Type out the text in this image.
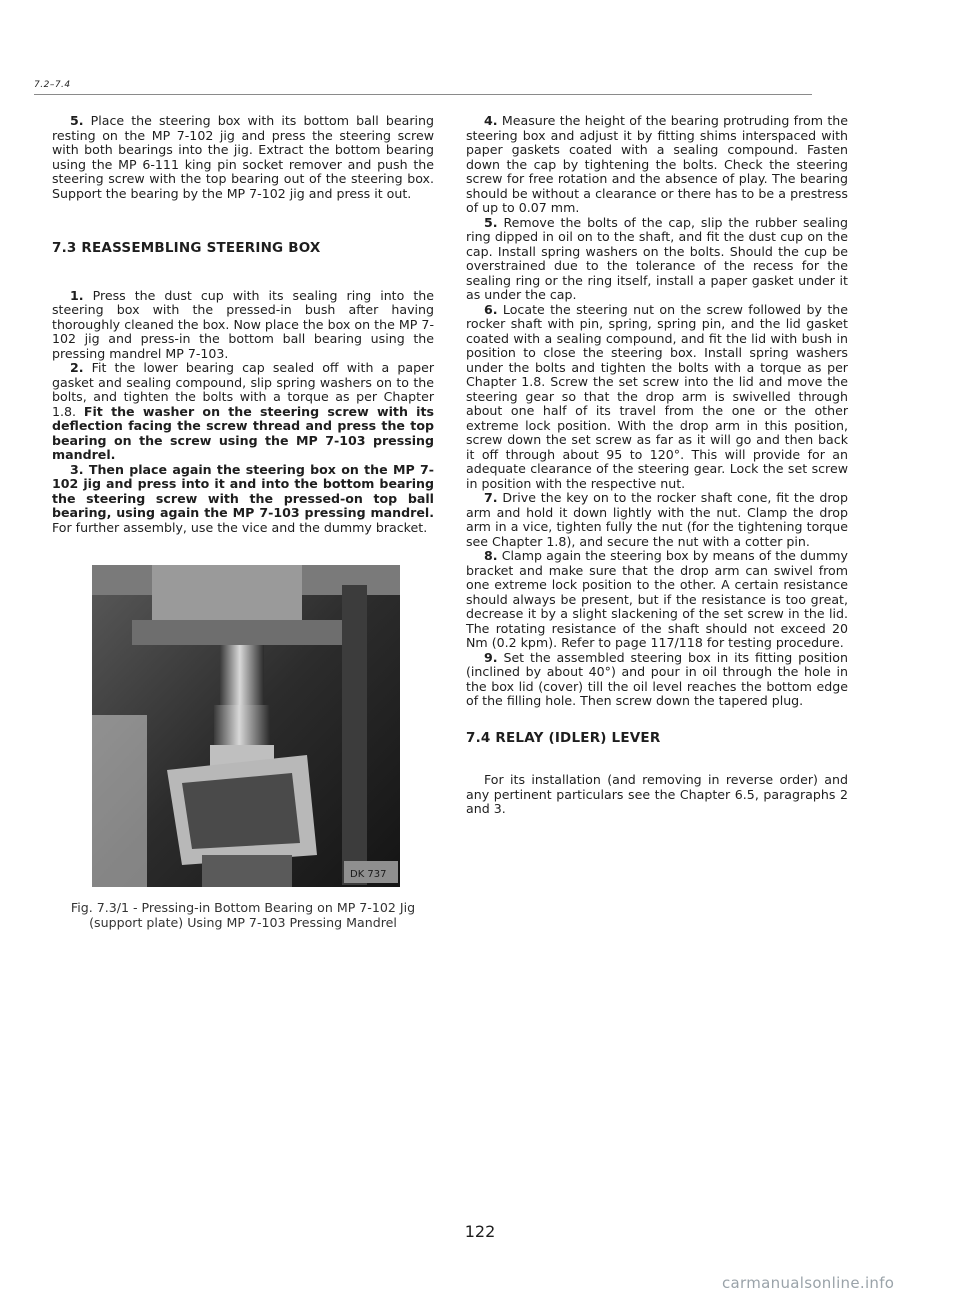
7.2–7.4

5. Place the steering box with its bottom ball bearing resting on the MP 7-102 jig and press the steering screw with both bearings into the jig. Extract the bottom bearing using the MP 6-111 king pin socket remover and push the steering screw with the top bearing out of the steering box. Support the bearing by the MP 7-102 jig and press it out.

7.3 REASSEMBLING STEERING BOX

1. Press the dust cup with its sealing ring into the steering box with the pressed-in bush after having thoroughly cleaned the box. Now place the box on the MP 7-102 jig and press-in the bottom ball bearing using the pressing mandrel MP 7-103.

2. Fit the lower bearing cap sealed off with a paper gasket and sealing compound, slip spring washers on to the bolts, and tighten the bolts with a torque as per Chapter 1.8. Fit the washer on the steering screw with its deflection facing the screw thread and press the top bearing on the screw using the MP 7-103 pressing mandrel.

3. Then place again the steering box on the MP 7-102 jig and press into it and into the bottom bearing the steering screw with the pressed-on top ball bearing, using again the MP 7-103 pressing mandrel. For further assembly, use the vice and the dummy bracket.

DK 737
Fig. 7.3/1 - Pressing-in Bottom Bearing on MP 7-102 Jig (support plate) Using MP 7-103 Pressing Mandrel

4. Measure the height of the bearing protruding from the steering box and adjust it by fitting shims interspaced with paper gaskets coated with a sealing compound. Fasten down the cap by tightening the bolts. Check the steering screw for free rotation and the absence of play. The bearing should be without a clearance or there has to be a prestress of up to 0.07 mm.

5. Remove the bolts of the cap, slip the rubber sealing ring dipped in oil on to the shaft, and fit the dust cup on the cap. Install spring washers on the bolts. Should the cup be overstrained due to the tolerance of the recess for the sealing ring or the ring itself, install a paper gasket under it as under the cap.

6. Locate the steering nut on the screw followed by the rocker shaft with pin, spring, spring pin, and the lid gasket coated with a sealing compound, and fit the lid with bush in position to close the steering box. Install spring washers under the bolts and tighten the bolts with a torque as per Chapter 1.8. Screw the set screw into the lid and move the steering gear so that the drop arm is swivelled through about one half of its travel from the one or the other extreme lock position. With the drop arm in this position, screw down the set screw as far as it will go and then back it off through about 95 to 120°. This will provide for an adequate clearance of the steering gear. Lock the set screw in position with the respective nut.

7. Drive the key on to the rocker shaft cone, fit the drop arm and hold it down lightly with the nut. Clamp the drop arm in a vice, tighten fully the nut (for the tightening torque see Chapter 1.8), and secure the nut with a cotter pin.

8. Clamp again the steering box by means of the dummy bracket and make sure that the drop arm can swivel from one extreme lock position to the other. A certain resistance should always be present, but if the resistance is too great, decrease it by a slight slackening of the set screw in the lid. The rotating resistance of the shaft should not exceed 20 Nm (0.2 kpm). Refer to page 117/118 for testing procedure.

9. Set the assembled steering box in its fitting position (inclined by about 40°) and pour in oil through the hole in the box lid (cover) till the oil level reaches the bottom edge of the filling hole. Then screw down the tapered plug.

7.4 RELAY (IDLER) LEVER

For its installation (and removing in reverse order) and any pertinent particulars see the Chapter 6.5, paragraphs 2 and 3.

122
carmanualsonline.info
